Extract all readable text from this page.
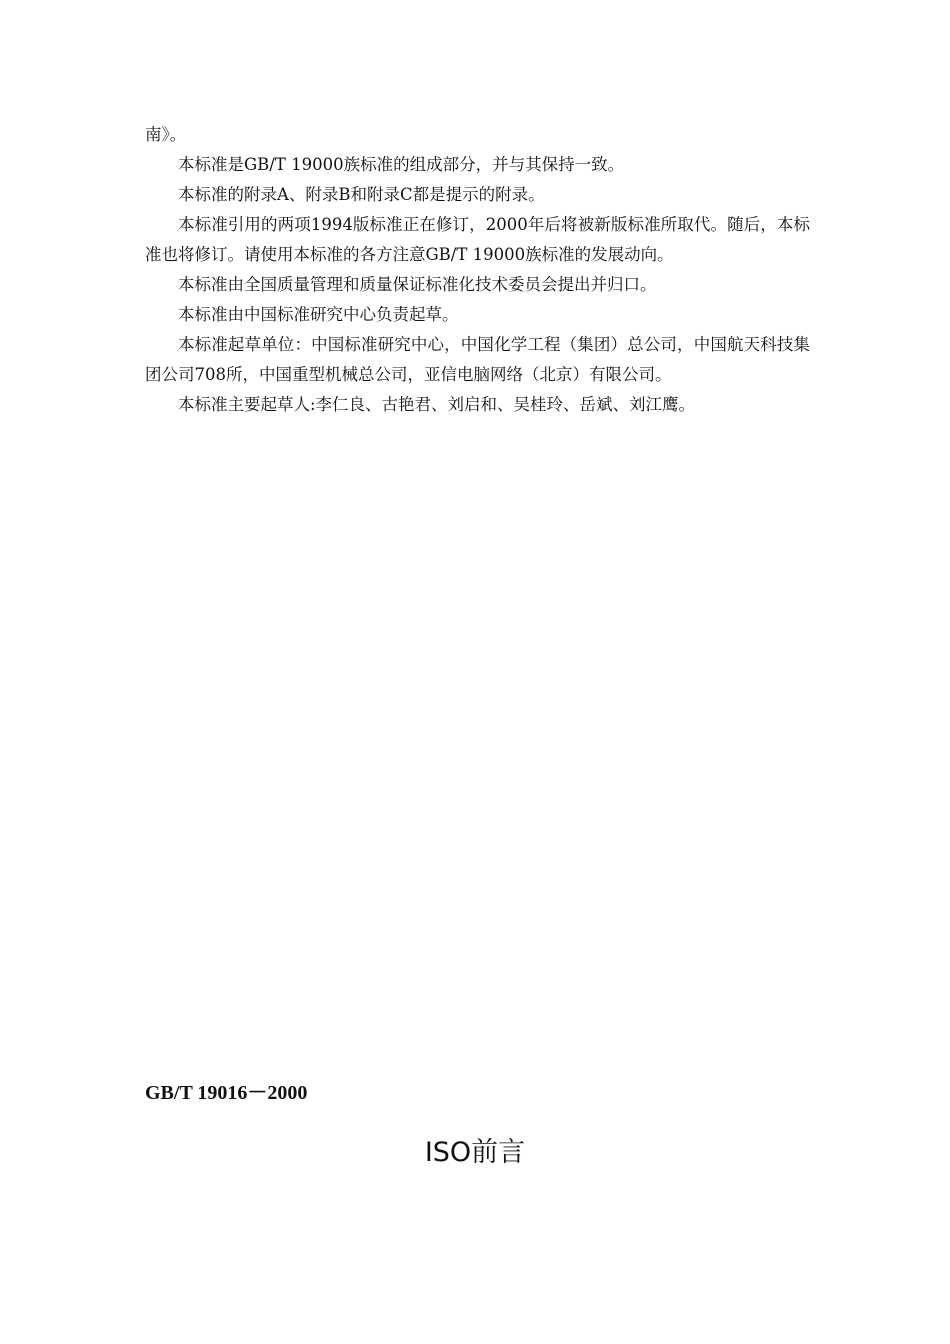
南》。

本标准是GB/T 19000族标准的组成部分，并与其保持一致。

本标准的附录A、附录B和附录C都是提示的附录。

本标准引用的两项1994版标准正在修订，2000年后将被新版标准所取代。随后，本标准也将修订。请使用本标准的各方注意GB/T 19000族标准的发展动向。

本标准由全国质量管理和质量保证标准化技术委员会提出并归口。

本标准由中国标准研究中心负责起草。

本标准起草单位：中国标准研究中心，中国化学工程（集团）总公司，中国航天科技集团公司708所，中国重型机械总公司，亚信电脑网络（北京）有限公司。

本标准主要起草人:李仁良、古艳君、刘启和、吴桂玲、岳斌、刘江鹰。

GB/T 19016－2000
ISO前言
